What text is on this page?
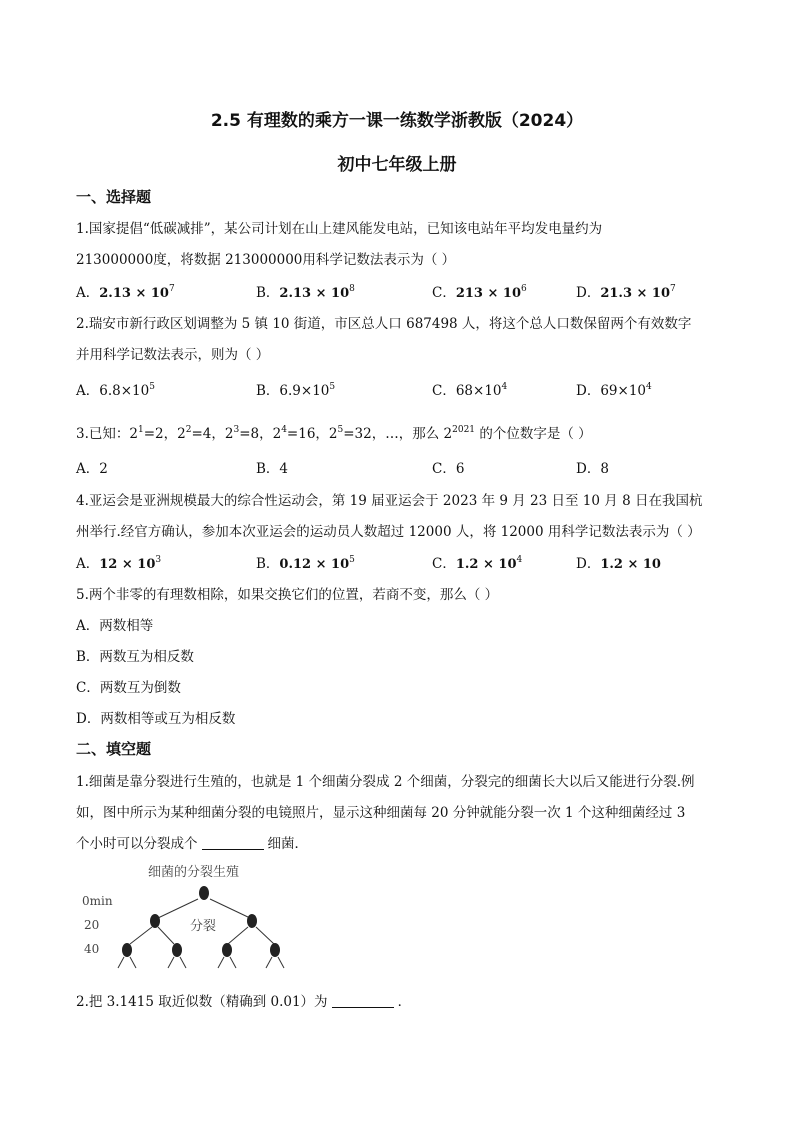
2.5 有理数的乘方一课一练数学浙教版（2024）
初中七年级上册
一、选择题
1.国家提倡“低碳减排”，某公司计划在山上建风能发电站，已知该电站年平均发电量约为
213000000度，将数据 213000000用科学记数法表示为（ ）
A．$2.13 \times 10^7$	B．$2.13 \times 10^8$	C．$213 \times 10^6$	D．$21.3 \times 10^7$
2.瑞安市新行政区划调整为 5 镇 10 街道，市区总人口 687498 人，将这个总人口数保留两个有效数字
并用科学记数法表示，则为（ ）
A．$6.8\times 10^5$	B．$6.9\times 10^5$	C．$68\times 10^4$	D．$69\times 10^4$
3.已知：$2^1=2$，$2^2=4$，$2^3=8$，$2^4=16$，$2^5=32$，…，那么 $2^{2021}$ 的个位数字是（ ）
A．2	B．4	C．6	D．8
4.亚运会是亚洲规模最大的综合性运动会，第 19 届亚运会于 2023 年 9 月 23 日至 10 月 8 日在我国杭
州举行.经官方确认，参加本次亚运会的运动员人数超过 12000 人，将 12000 用科学记数法表示为（ ）
A．$12 \times 10^3$	B．$0.12 \times 10^5$	C．$1.2 \times 10^4$	D．1.2 × 10
5.两个非零的有理数相除，如果交换它们的位置，若商不变，那么（ ）
A．两数相等
B．两数互为相反数
C．两数互为倒数
D．两数相等或互为相反数
二、填空题
1.细菌是靠分裂进行生殖的，也就是 1 个细菌分裂成 2 个细菌，分裂完的细菌长大以后又能进行分裂.例
如，图中所示为某种细菌分裂的电镜照片，显示这种细菌每 20 分钟就能分裂一次 1 个这种细菌经过 3
个小时可以分裂成个	细菌．
细菌的分裂生殖
0min
20
40
分裂
2.把 3.1415 取近似数（精确到 0.01）为	．
